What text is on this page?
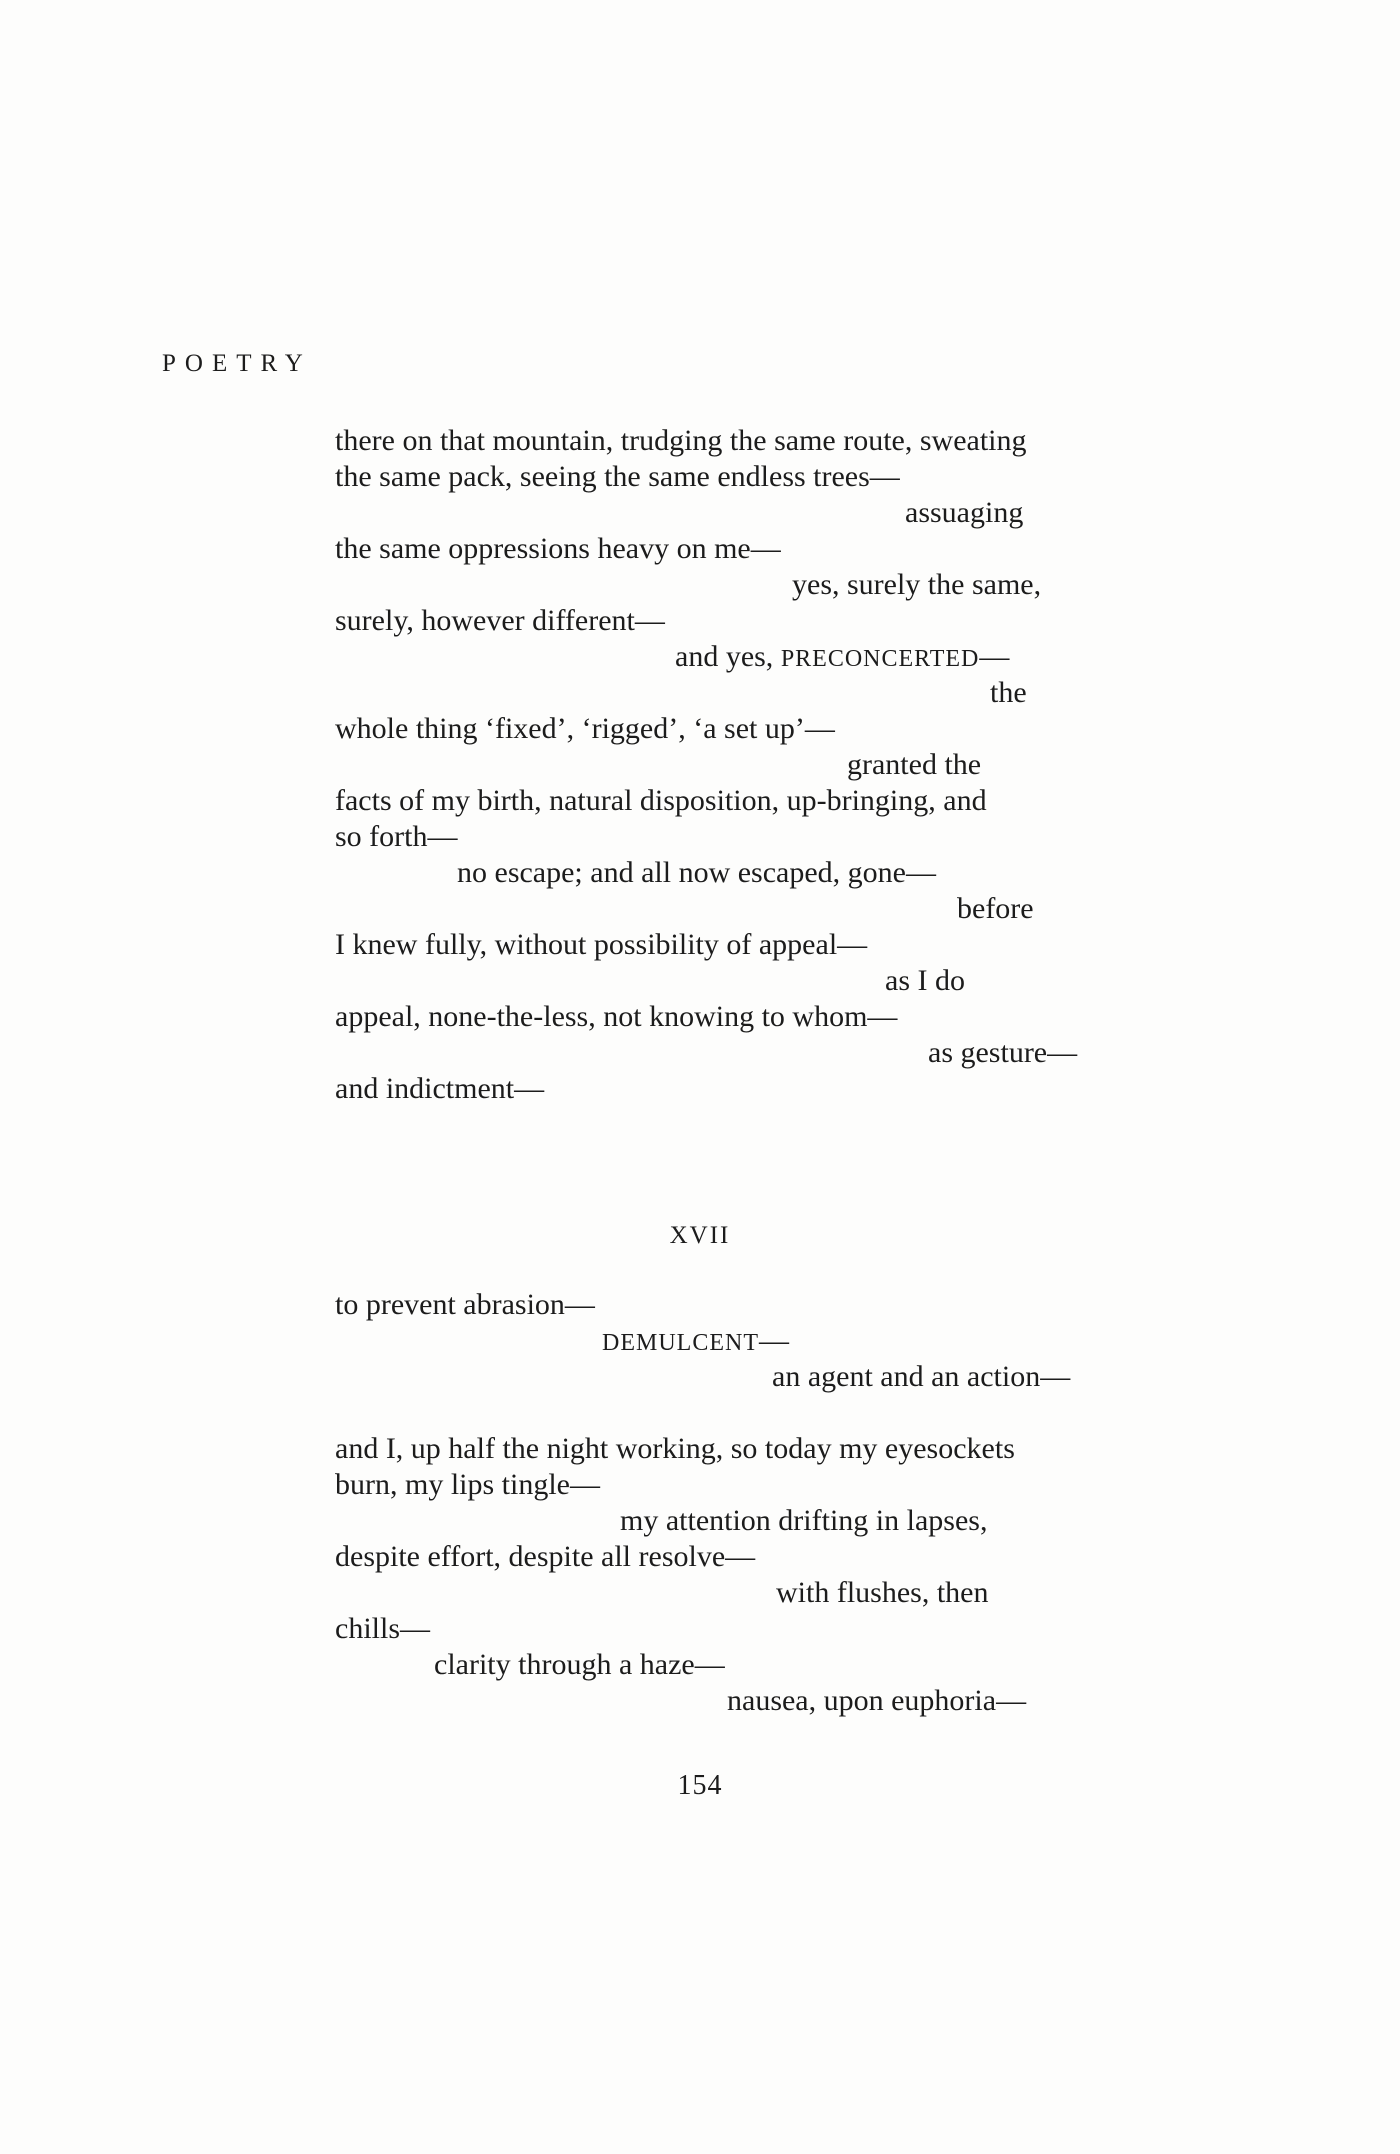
POETRY
there on that mountain, trudging the same route, sweating
the same pack, seeing the same endless trees—
assuaging
the same oppressions heavy on me—
yes, surely the same,
surely, however different—
and yes, PRECONCERTED—
the
whole thing ‘fixed’, ‘rigged’, ‘a set up’—
granted the
facts of my birth, natural disposition, up-bringing, and
so forth—
no escape; and all now escaped, gone—
before
I knew fully, without possibility of appeal—
as I do
appeal, none-the-less, not knowing to whom—
as gesture—
and indictment—
XVII
to prevent abrasion—
DEMULCENT—
an agent and an action—
and I, up half the night working, so today my eyesockets
burn, my lips tingle—
my attention drifting in lapses,
despite effort, despite all resolve—
with flushes, then
chills—
clarity through a haze—
nausea, upon euphoria—
154
